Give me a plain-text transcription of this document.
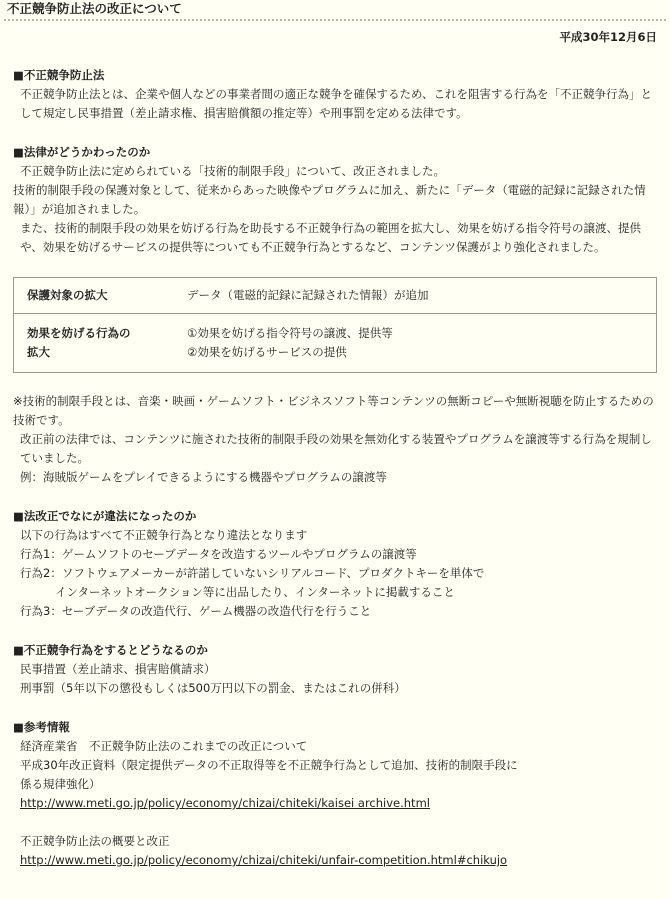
不正競争防止法の改正について
平成30年12月6日

■不正競争防止法

不正競争防止法とは、企業や個人などの事業者間の適正な競争を確保するため、これを阻害する行為を「不正競争行為」として規定し民事措置（差止請求権、損害賠償額の推定等）や刑事罰を定める法律です。

■法律がどうかわったのか

不正競争防止法に定められている「技術的制限手段」について、改正されました。

技術的制限手段の保護対象として、従来からあった映像やプログラムに加え、新たに「データ（電磁的記録に記録された情報）」が追加されました。

また、技術的制限手段の効果を妨げる行為を助長する不正競争行為の範囲を拡大し、効果を妨げる指令符号の譲渡、提供や、効果を妨げるサービスの提供等についても不正競争行為とするなど、コンテンツ保護がより強化されました。

保護対象の拡大	データ（電磁的記録に記録された情報）が追加
効果を妨げる行為の
拡大
①効果を妨げる指令符号の譲渡、提供等
②効果を妨げるサービスの提供

※技術的制限手段とは、音楽・映画・ゲームソフト・ビジネスソフト等コンテンツの無断コピーや無断視聴を防止するための技術です。

改正前の法律では、コンテンツに施された技術的制限手段の効果を無効化する装置やプログラムを譲渡等する行為を規制していました。

例：海賊版ゲームをプレイできるようにする機器やプログラムの譲渡等

■法改正でなにが違法になったのか

以下の行為はすべて不正競争行為となり違法となります

行為1：ゲームソフトのセーブデータを改造するツールやプログラムの譲渡等

行為2：ソフトウェアメーカーが許諾していないシリアルコード、プロダクトキーを単体で

インターネットオークション等に出品したり、インターネットに掲載すること

行為3：セーブデータの改造代行、ゲーム機器の改造代行を行うこと

■不正競争行為をするとどうなるのか

民事措置（差止請求、損害賠償請求）

刑事罰（5年以下の懲役もしくは500万円以下の罰金、またはこれの併科）

■参考情報

経済産業省　不正競争防止法のこれまでの改正について

平成30年改正資料（限定提供データの不正取得等を不正競争行為として追加、技術的制限手段に

係る規律強化）

http://www.meti.go.jp/policy/economy/chizai/chiteki/kaisei archive.html

不正競争防止法の概要と改正

http://www.meti.go.jp/policy/economy/chizai/chiteki/unfair-competition.html#chikujo
